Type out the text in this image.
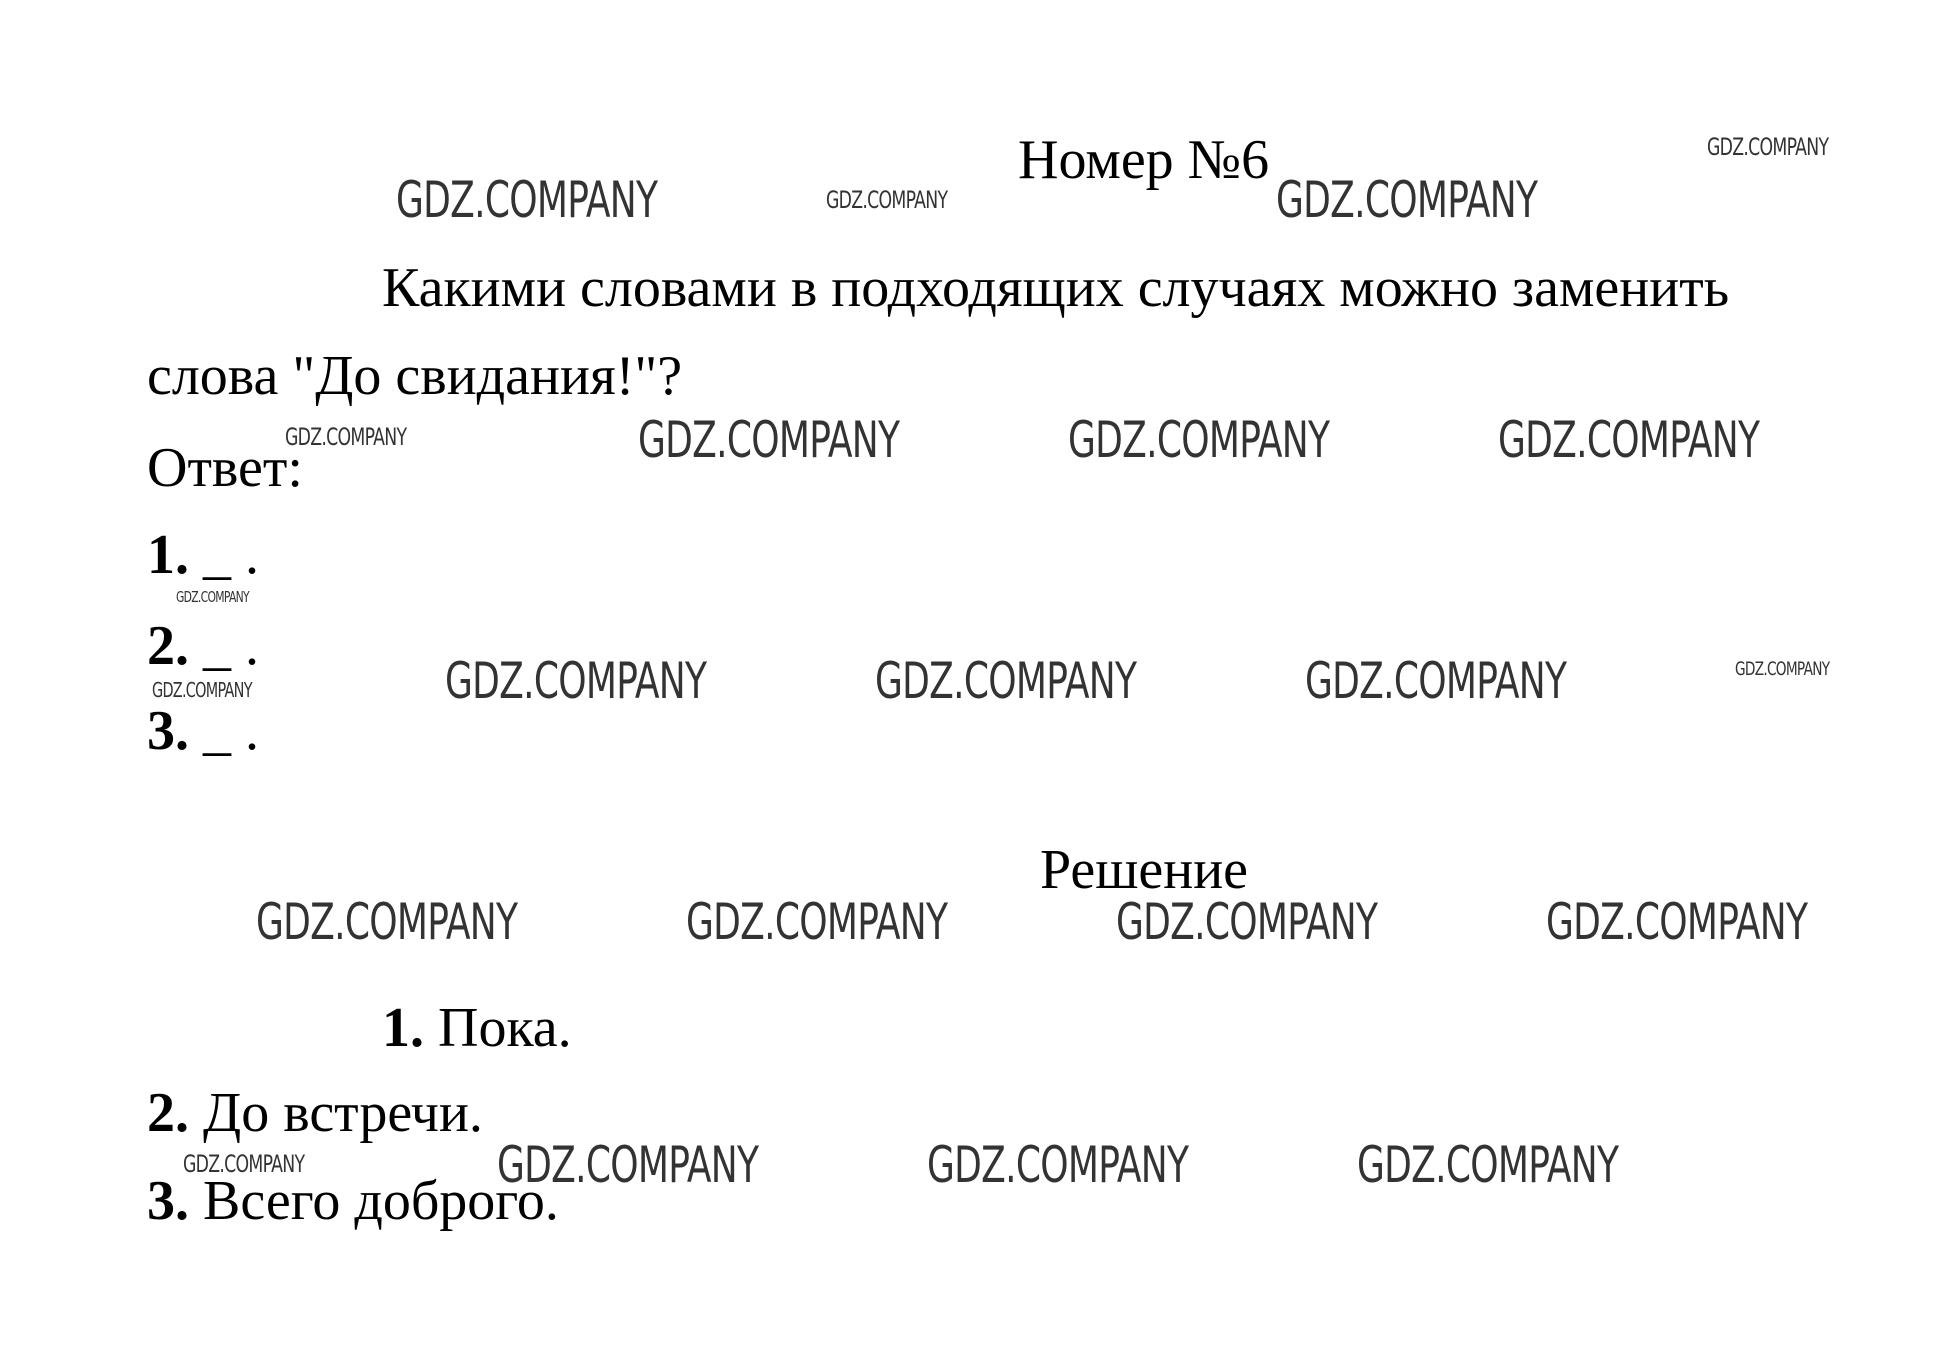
Номер №6
Какими словами в подходящих случаях можно заменить
слова "До свидания!"?
Ответ:
1. _ .
2. _ .
3. _ .
Решение
1. Пока.
2. До встречи.
3. Всего доброго.
GDZ.COMPANY	GDZ.COMPANY	GDZ.COMPANY
GDZ.COMPANY
GDZ.COMPANY	GDZ.COMPANY	GDZ.COMPANY	GDZ.COMPANY
GDZ.COMPANY
GDZ.COMPANY	GDZ.COMPANY	GDZ.COMPANY	GDZ.COMPANY	GDZ.COMPANY
GDZ.COMPANY	GDZ.COMPANY	GDZ.COMPANY	GDZ.COMPANY
GDZ.COMPANY	GDZ.COMPANY	GDZ.COMPANY	GDZ.COMPANY
